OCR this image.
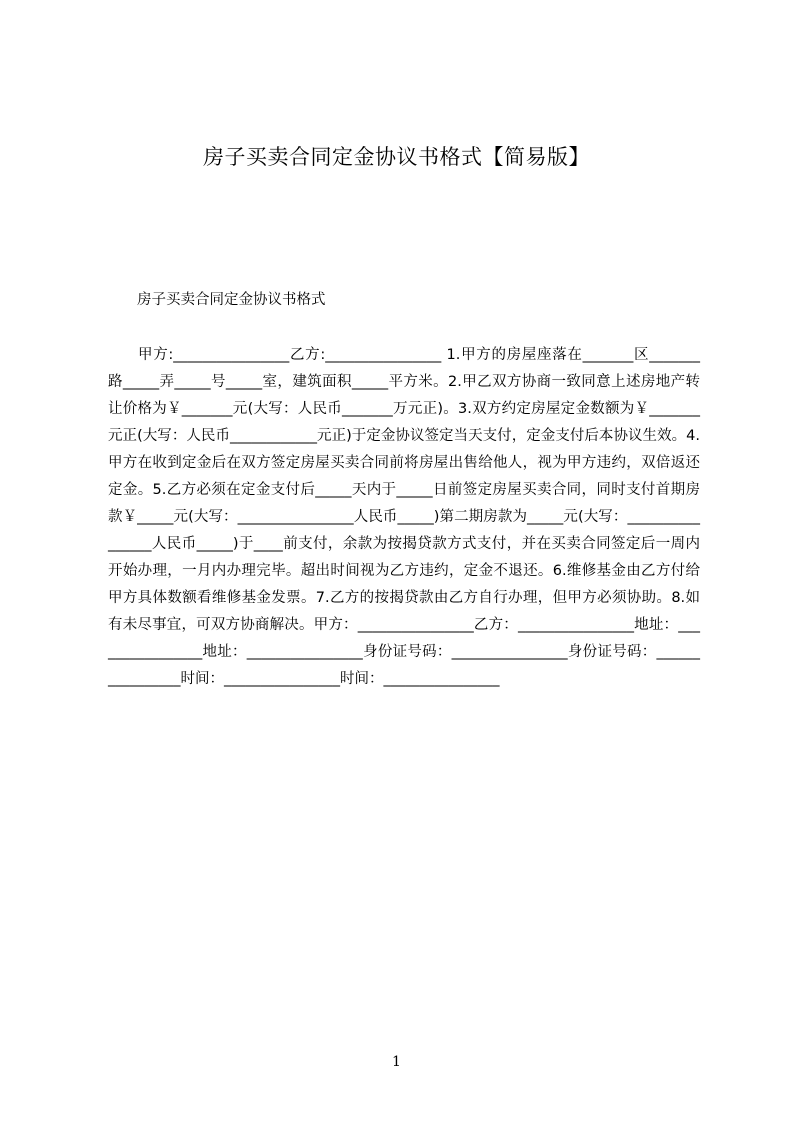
房子买卖合同定金协议书格式【简易版】
房子买卖合同定金协议书格式

甲方:________________乙方:________________ 1.甲方的房屋座落在_______区_______路_____弄_____号_____室，建筑面积_____平方米。2.甲乙双方协商一致同意上述房地产转让价格为￥_______元(大写：人民币_______万元正)。3.双方约定房屋定金数额为￥_______元正(大写：人民币____________元正)于定金协议签定当天支付，定金支付后本协议生效。4.甲方在收到定金后在双方签定房屋买卖合同前将房屋出售给他人，视为甲方违约，双倍返还定金。5.乙方必须在定金支付后_____天内于_____日前签定房屋买卖合同，同时支付首期房款￥_____元(大写：________________人民币_____)第二期房款为_____元(大写：________________人民币_____)于____前支付，余款为按揭贷款方式支付，并在买卖合同签定后一周内开始办理，一月内办理完毕。超出时间视为乙方违约，定金不退还。6.维修基金由乙方付给甲方具体数额看维修基金发票。7.乙方的按揭贷款由乙方自行办理，但甲方必须协助。8.如有未尽事宜，可双方协商解决。甲方：________________乙方：________________地址：________________地址：________________身份证号码：________________身份证号码：________________时间：________________时间：________________

1
